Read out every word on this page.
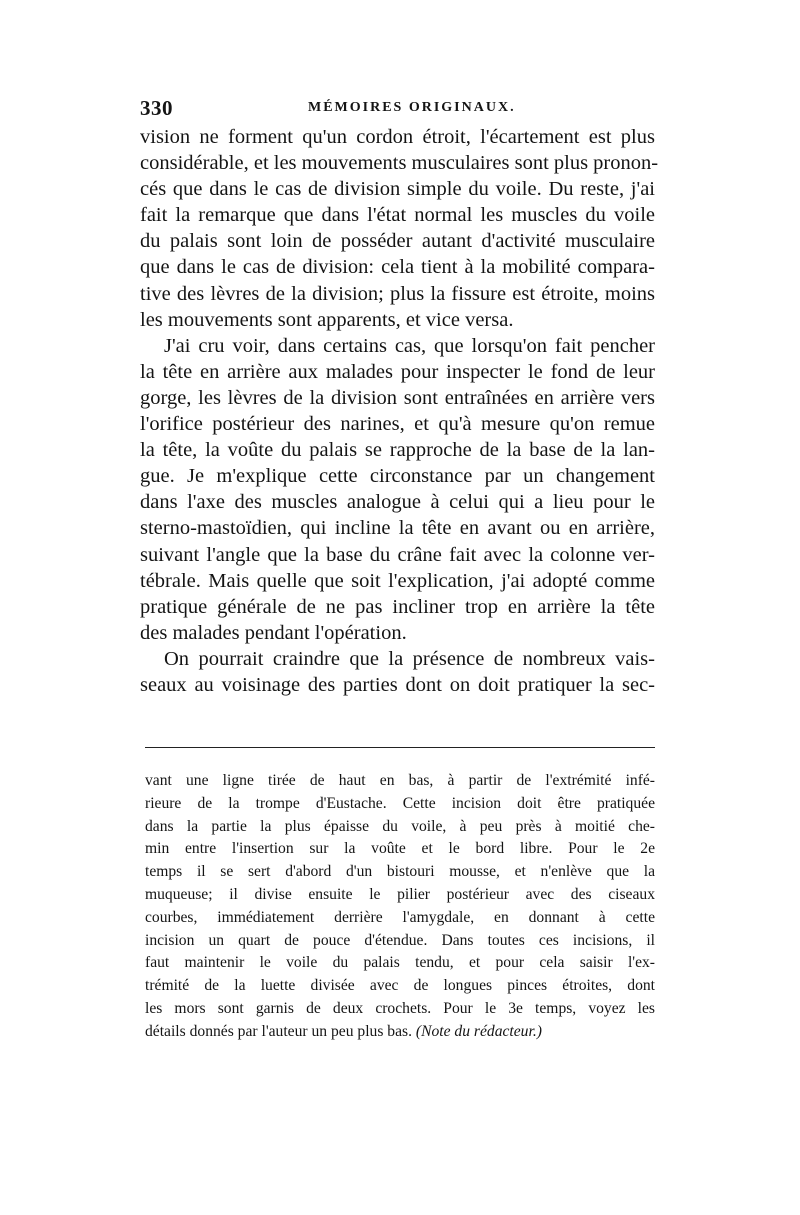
330	MÉMOIRES ORIGINAUX.
vision ne forment qu'un cordon étroit, l'écartement est plus
considérable, et les mouvements musculaires sont plus pronon-
cés que dans le cas de division simple du voile. Du reste, j'ai
fait la remarque que dans l'état normal les muscles du voile
du palais sont loin de posséder autant d'activité musculaire
que dans le cas de division: cela tient à la mobilité compara-
tive des lèvres de la division; plus la fissure est étroite, moins
les mouvements sont apparents, et vice versa.
J'ai cru voir, dans certains cas, que lorsqu'on fait pencher
la tête en arrière aux malades pour inspecter le fond de leur
gorge, les lèvres de la division sont entraînées en arrière vers
l'orifice postérieur des narines, et qu'à mesure qu'on remue
la tête, la voûte du palais se rapproche de la base de la lan-
gue. Je m'explique cette circonstance par un changement
dans l'axe des muscles analogue à celui qui a lieu pour le
sterno-mastoïdien, qui incline la tête en avant ou en arrière,
suivant l'angle que la base du crâne fait avec la colonne ver-
tébrale. Mais quelle que soit l'explication, j'ai adopté comme
pratique générale de ne pas incliner trop en arrière la tête
des malades pendant l'opération.
On pourrait craindre que la présence de nombreux vais-
seaux au voisinage des parties dont on doit pratiquer la sec-
vant une ligne tirée de haut en bas, à partir de l'extrémité infé-
rieure de la trompe d'Eustache. Cette incision doit être pratiquée
dans la partie la plus épaisse du voile, à peu près à moitié che-
min entre l'insertion sur la voûte et le bord libre. Pour le 2e
temps il se sert d'abord d'un bistouri mousse, et n'enlève que la
muqueuse; il divise ensuite le pilier postérieur avec des ciseaux
courbes, immédiatement derrière l'amygdale, en donnant à cette
incision un quart de pouce d'étendue. Dans toutes ces incisions, il
faut maintenir le voile du palais tendu, et pour cela saisir l'ex-
trémité de la luette divisée avec de longues pinces étroites, dont
les mors sont garnis de deux crochets. Pour le 3e temps, voyez les
détails donnés par l'auteur un peu plus bas. (Note du rédacteur.)
